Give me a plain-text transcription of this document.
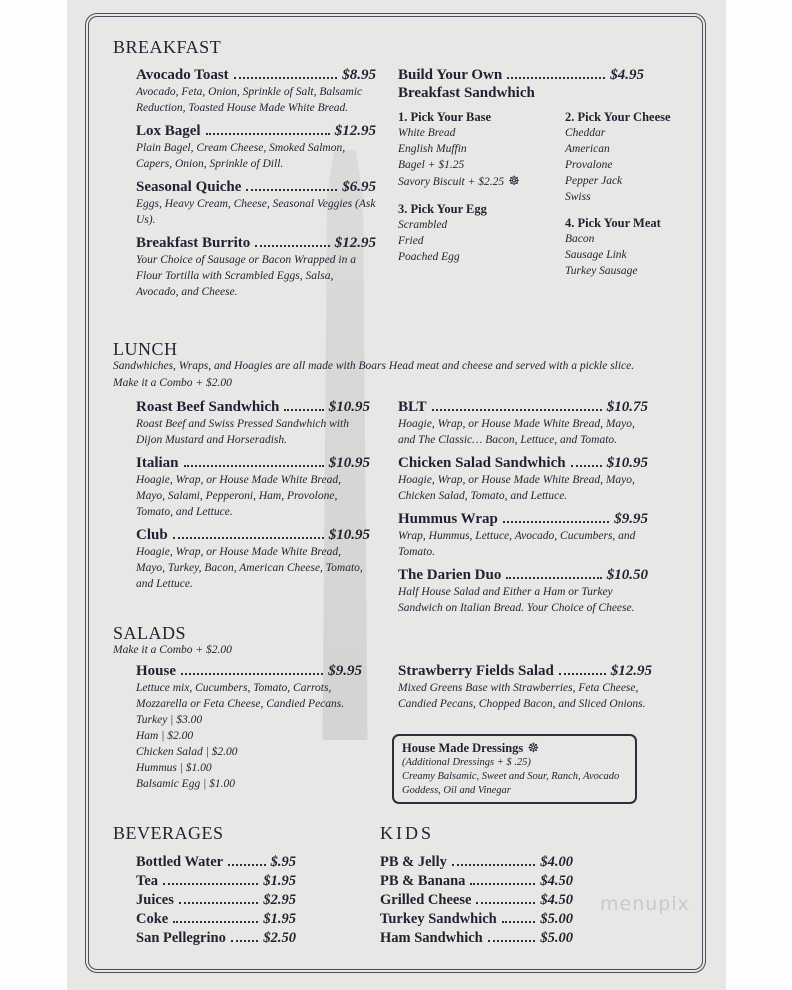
BREAKFAST
Avocado Toast	$8.95
Avocado, Feta, Onion, Sprinkle of Salt, Balsamic Reduction, Toasted House Made White Bread.
Lox Bagel	$12.95
Plain Bagel, Cream Cheese, Smoked Salmon, Capers, Onion, Sprinkle of Dill.
Seasonal Quiche	$6.95
Eggs, Heavy Cream, Cheese, Seasonal Veggies (Ask Us).
Breakfast Burrito	$12.95
Your Choice of Sausage or Bacon Wrapped in a Flour Tortilla with Scrambled Eggs, Salsa, Avocado, and Cheese.
Build Your Own	$4.95
Breakfast Sandwhich
1. Pick Your Base
White Bread
English Muffin
Bagel + $1.25
Savory Biscuit + $2.25 ☸
3. Pick Your Egg
Scrambled
Fried
Poached Egg
2. Pick Your Cheese
Cheddar
American
Provalone
Pepper Jack
Swiss
4. Pick Your Meat
Bacon
Sausage Link
Turkey Sausage
LUNCH
Sandwhiches, Wraps, and Hoagies are all made with Boars Head meat and cheese and served with a pickle slice.
Make it a Combo + $2.00
Roast Beef Sandwhich	$10.95
Roast Beef and Swiss Pressed Sandwhich with Dijon Mustard and Horseradish.
Italian	$10.95
Hoagie, Wrap, or House Made White Bread, Mayo, Salami, Pepperoni, Ham, Provolone, Tomato, and Lettuce.
Club	$10.95
Hoagie, Wrap, or House Made White Bread, Mayo, Turkey, Bacon, American Cheese, Tomato, and Lettuce.
BLT	$10.75
Hoagie, Wrap, or House Made White Bread, Mayo, and The Classic… Bacon, Lettuce, and Tomato.
Chicken Salad Sandwhich	$10.95
Hoagie, Wrap, or House Made White Bread, Mayo, Chicken Salad, Tomato, and Lettuce.
Hummus Wrap	$9.95
Wrap, Hummus, Lettuce, Avocado, Cucumbers, and Tomato.
The Darien Duo	$10.50
Half House Salad and Either a Ham or Turkey Sandwich on Italian Bread. Your Choice of Cheese.
SALADS
Make it a Combo + $2.00
House	$9.95
Lettuce mix, Cucumbers, Tomato, Carrots, Mozzarella or Feta Cheese, Candied Pecans.
Turkey | $3.00
Ham | $2.00
Chicken Salad | $2.00
Hummus | $1.00
Balsamic Egg | $1.00
Strawberry Fields Salad	$12.95
Mixed Greens Base with Strawberries, Feta Cheese, Candied Pecans, Chopped Bacon, and Sliced Onions.
House Made Dressings ☸
(Additional Dressings + $ .25)
Creamy Balsamic, Sweet and Sour, Ranch, Avocado Goddess, Oil and Vinegar
BEVERAGES
Bottled Water	$.95
Tea	$1.95
Juices	$2.95
Coke	$1.95
San Pellegrino	$2.50
KIDS
PB & Jelly	$4.00
PB & Banana	$4.50
Grilled Cheese	$4.50
Turkey Sandwhich	$5.00
Ham Sandwhich	$5.00
menupix
